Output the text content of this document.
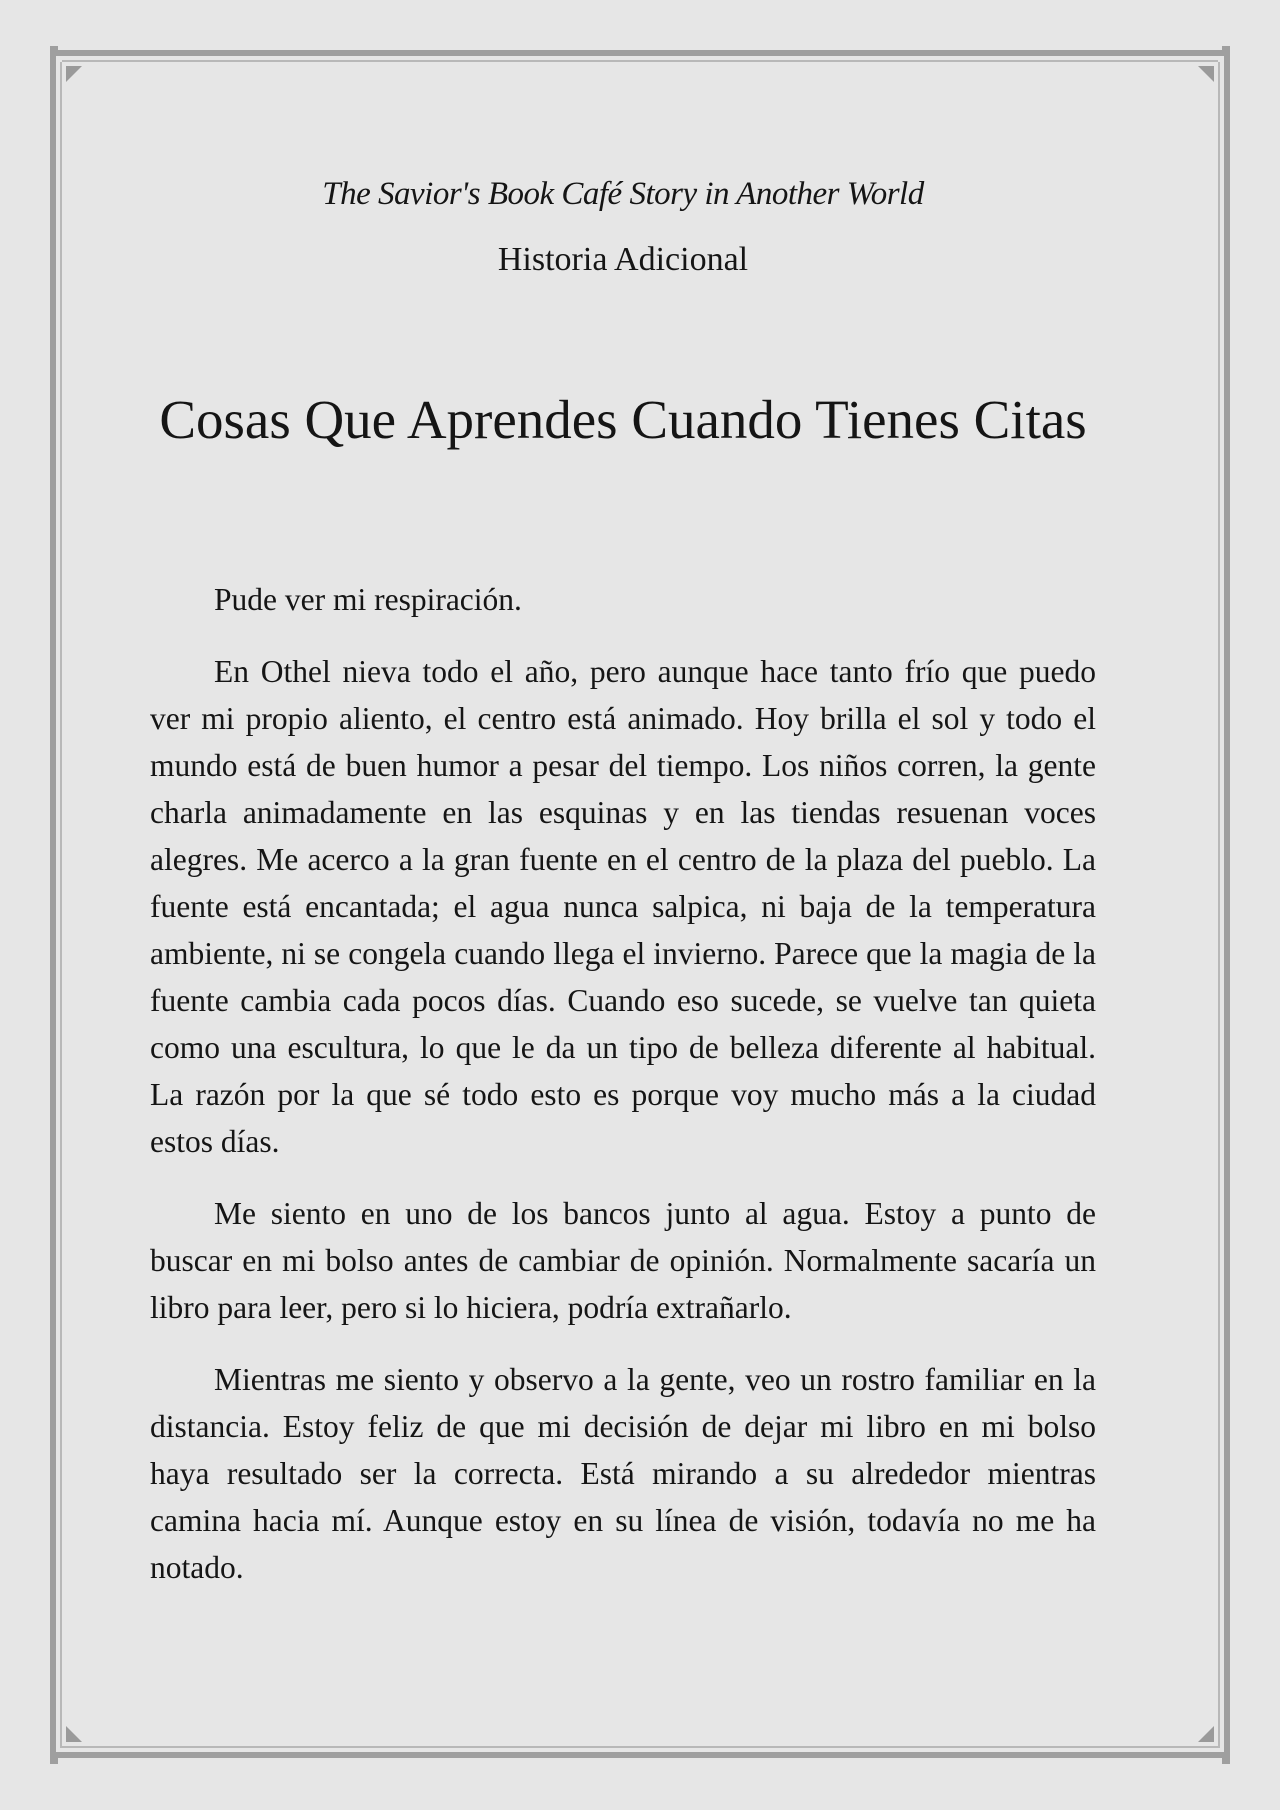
The Savior's Book Café Story in Another World

Historia Adicional

Cosas Que Aprendes Cuando Tienes Citas

Pude ver mi respiración.

En Othel nieva todo el año, pero aunque hace tanto frío que puedo ver mi propio aliento, el centro está animado. Hoy brilla el sol y todo el mundo está de buen humor a pesar del tiempo. Los niños corren, la gente charla animadamente en las esquinas y en las tiendas resuenan voces alegres. Me acerco a la gran fuente en el centro de la plaza del pueblo. La fuente está encantada; el agua nunca salpica, ni baja de la temperatura ambiente, ni se congela cuando llega el invierno. Parece que la magia de la fuente cambia cada pocos días. Cuando eso sucede, se vuelve tan quieta como una escultura, lo que le da un tipo de belleza diferente al habitual. La razón por la que sé todo esto es porque voy mucho más a la ciudad estos días.

Me siento en uno de los bancos junto al agua. Estoy a punto de buscar en mi bolso antes de cambiar de opinión. Normalmente sacaría un libro para leer, pero si lo hiciera, podría extrañarlo.

Mientras me siento y observo a la gente, veo un rostro familiar en la distancia. Estoy feliz de que mi decisión de dejar mi libro en mi bolso haya resultado ser la correcta. Está mirando a su alrededor mientras camina hacia mí. Aunque estoy en su línea de visión, todavía no me ha notado.
